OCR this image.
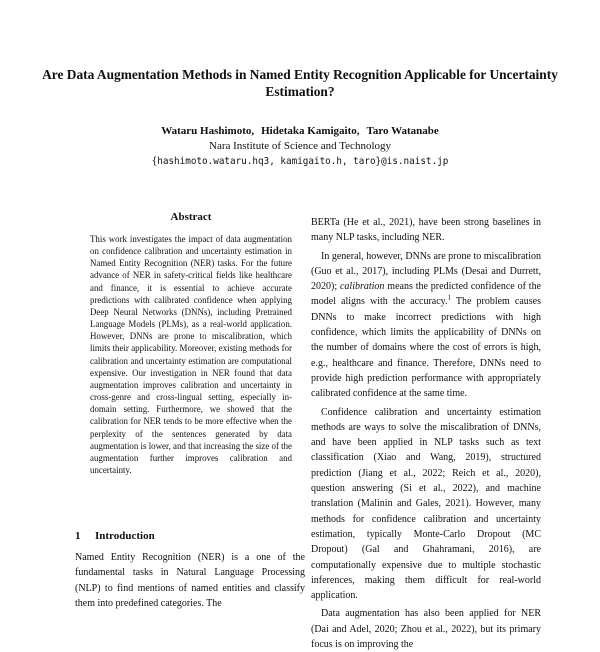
Are Data Augmentation Methods in Named Entity Recognition Applicable for Uncertainty Estimation?
Wataru Hashimoto, Hidetaka Kamigaito, Taro Watanabe
Nara Institute of Science and Technology
{hashimoto.wataru.hq3, kamigaito.h, taro}@is.naist.jp
Abstract

This work investigates the impact of data augmentation on confidence calibration and uncertainty estimation in Named Entity Recognition (NER) tasks. For the future advance of NER in safety-critical fields like healthcare and finance, it is essential to achieve accurate predictions with calibrated confidence when applying Deep Neural Networks (DNNs), including Pretrained Language Models (PLMs), as a real-world application. However, DNNs are prone to miscalibration, which limits their applicability. Moreover, existing methods for calibration and uncertainty estimation are computational expensive. Our investigation in NER found that data augmentation improves calibration and uncertainty in cross-genre and cross-lingual setting, especially in-domain setting. Furthermore, we showed that the calibration for NER tends to be more effective when the perplexity of the sentences generated by data augmentation is lower, and that increasing the size of the augmentation further improves calibration and uncertainty.

1 Introduction

Named Entity Recognition (NER) is a one of the fundamental tasks in Natural Language Processing (NLP) to find mentions of named entities and classify them into predefined categories. The

BERTa (He et al., 2021), have been strong baselines in many NLP tasks, including NER.

In general, however, DNNs are prone to miscalibration (Guo et al., 2017), including PLMs (Desai and Durrett, 2020); calibration means the predicted confidence of the model aligns with the accuracy.$^1$ The problem causes DNNs to make incorrect predictions with high confidence, which limits the applicability of DNNs on the number of domains where the cost of errors is high, e.g., healthcare and finance. Therefore, DNNs need to provide high prediction performance with appropriately calibrated confidence at the same time.

Confidence calibration and uncertainty estimation methods are ways to solve the miscalibration of DNNs, and have been applied in NLP tasks such as text classification (Xiao and Wang, 2019), structured prediction (Jiang et al., 2022; Reich et al., 2020), question answering (Si et al., 2022), and machine translation (Malinin and Gales, 2021). However, many methods for confidence calibration and uncertainty estimation, typically Monte-Carlo Dropout (MC Dropout) (Gal and Ghahramani, 2016), are computationally expensive due to multiple stochastic inferences, making them difficult for real-world application.

Data augmentation has also been applied for NER (Dai and Adel, 2020; Zhou et al., 2022), but its primary focus is on improving the
